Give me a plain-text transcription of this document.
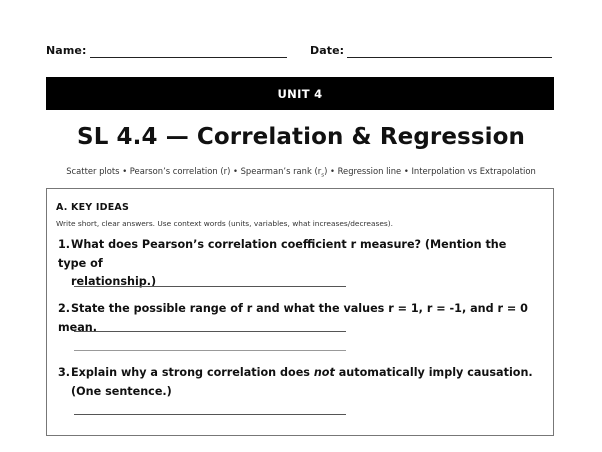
Name:	Date:
UNIT 4
SL 4.4 — Correlation & Regression
Scatter plots • Pearson’s correlation (r) • Spearman’s rank $(r_s)$ • Regression line • Interpolation vs Extrapolation
A. KEY IDEAS
Write short, clear answers. Use context words (units, variables, what increases/decreases).
1.What does Pearson’s correlation coefficient r measure? (Mention the type of
relationship.)
2.State the possible range of r and what the values r = 1, r = -1, and r = 0 mean.
3.Explain why a strong correlation does not automatically imply causation.
(One sentence.)
